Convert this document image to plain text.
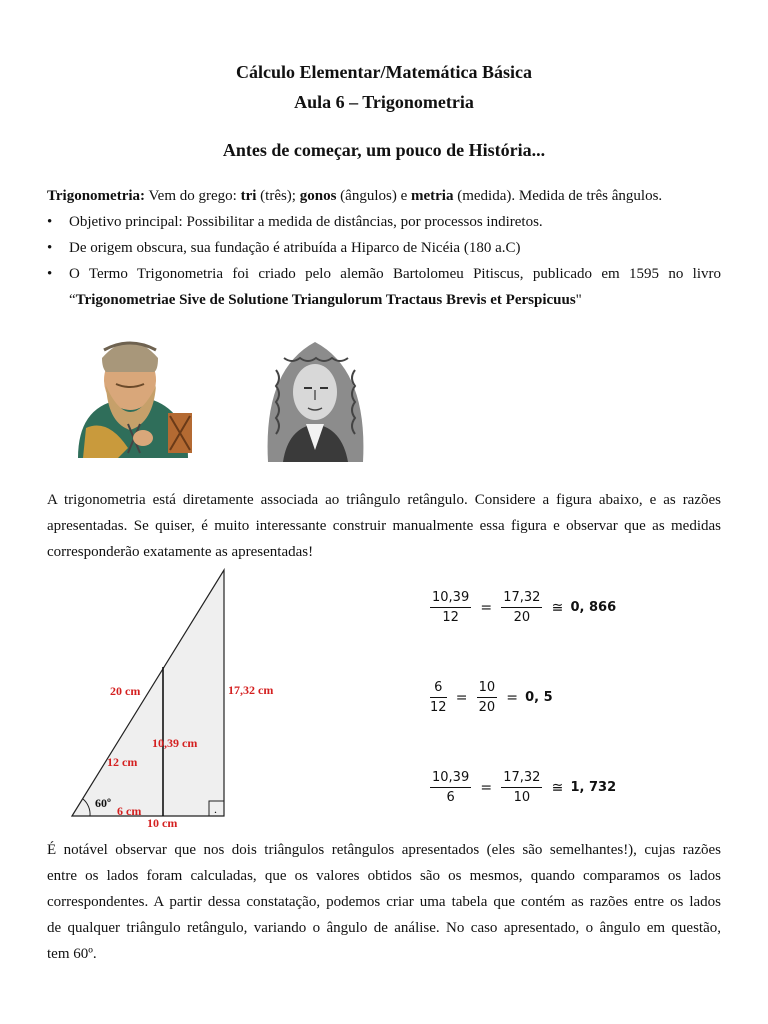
Cálculo Elementar/Matemática Básica
Aula 6 – Trigonometria
Antes de começar, um pouco de História...
Trigonometria: Vem do grego: tri (três); gonos (ângulos) e metria (medida). Medida de três ângulos.
• Objetivo principal: Possibilitar a medida de distâncias, por processos indiretos.
• De origem obscura, sua fundação é atribuída a Hiparco de Nicéia (180 a.C)
• O Termo Trigonometria foi criado pelo alemão Bartolomeu Pitiscus, publicado em 1595 no livro
“Trigonometriae Sive de Solutione Triangulorum Tractaus Brevis et Perspicuus"
A trigonometria está diretamente associada ao triângulo retângulo. Considere a figura abaixo, e as razões
apresentadas. Se quiser, é muito interessante construir manualmente essa figura e observar que as medidas
corresponderão exatamente as apresentadas!
.
20 cm	17,32 cm
10,39 cm
12 cm
6 cm
10 cm
60º
$\frac{10,39}{12} = \frac{17,32}{20}$ ≅ 0, 866
$\frac{6}{12} = \frac{10}{20} = 0$, 5
$\frac{10,39}{6} = \frac{17,32}{10}$ ≅ 1, 732
É notável observar que nos dois triângulos retângulos apresentados (eles são semelhantes!), cujas razões
entre os lados foram calculadas, que os valores obtidos são os mesmos, quando comparamos os lados
correspondentes. A partir dessa constatação, podemos criar uma tabela que contém as razões entre os lados
de qualquer triângulo retângulo, variando o ângulo de análise. No caso apresentado, o ângulo em questão,
tem 60º.
